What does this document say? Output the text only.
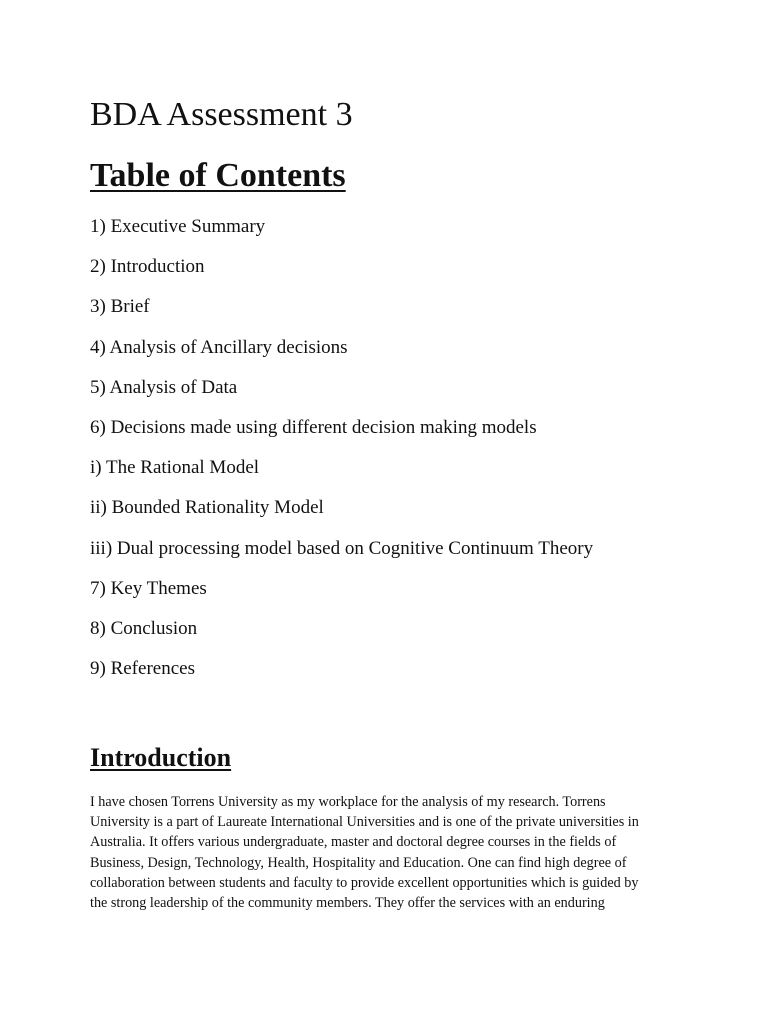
BDA Assessment 3
Table of Contents
1) Executive Summary
2) Introduction
3) Brief
4) Analysis of Ancillary decisions
5) Analysis of Data
6) Decisions made using different decision making models
i) The Rational Model
ii) Bounded Rationality Model
iii) Dual processing model based on Cognitive Continuum Theory
7) Key Themes
8) Conclusion
9) References
Introduction

I have chosen Torrens University as my workplace for the analysis of my research. Torrens
University is a part of Laureate International Universities and is one of the private universities in
Australia. It offers various undergraduate, master and doctoral degree courses in the fields of
Business, Design, Technology, Health, Hospitality and Education. One can find high degree of
collaboration between students and faculty to provide excellent opportunities which is guided by
the strong leadership of the community members. They offer the services with an enduring
